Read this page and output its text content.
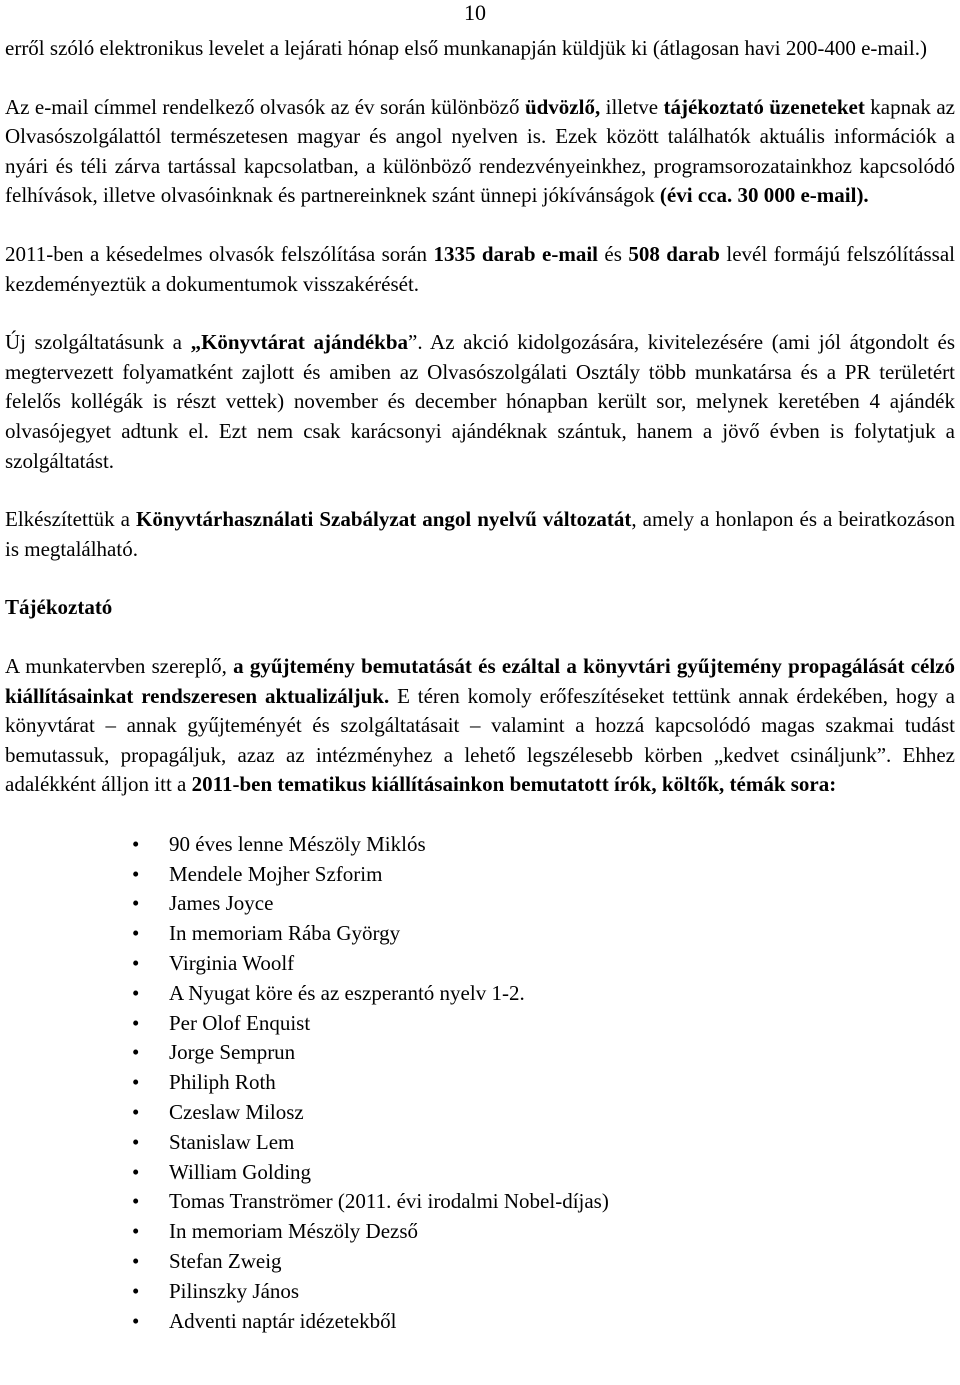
10

erről szóló elektronikus levelet a lejárati hónap első munkanapján küldjük ki (átlagosan havi 200-400 e-mail.)

Az e-mail címmel rendelkező olvasók az év során különböző üdvözlő, illetve tájékoztató üzeneteket kapnak az Olvasószolgálattól természetesen magyar és angol nyelven is. Ezek között találhatók aktuális információk a nyári és téli zárva tartással kapcsolatban, a különböző rendezvényeinkhez, programsorozatainkhoz kapcsolódó felhívások, illetve olvasóinknak és partnereinknek szánt ünnepi jókívánságok (évi cca. 30 000 e-mail).

2011-ben a késedelmes olvasók felszólítása során 1335 darab e-mail és 508 darab levél formájú felszólítással kezdeményeztük a dokumentumok visszakérését.

Új szolgáltatásunk a „Könyvtárat ajándékba”. Az akció kidolgozására, kivitelezésére (ami jól átgondolt és megtervezett folyamatként zajlott és amiben az Olvasószolgálati Osztály több munkatársa és a PR területért felelős kollégák is részt vettek) november és december hónapban került sor, melynek keretében 4 ajándék olvasójegyet adtunk el. Ezt nem csak karácsonyi ajándéknak szántuk, hanem a jövő évben is folytatjuk a szolgáltatást.

Elkészítettük a Könyvtárhasználati Szabályzat angol nyelvű változatát, amely a honlapon és a beiratkozáson is megtalálható.

Tájékoztató

A munkatervben szereplő, a gyűjtemény bemutatását és ezáltal a könyvtári gyűjtemény propagálását célzó kiállításainkat rendszeresen aktualizáljuk. E téren komoly erőfeszítéseket tettünk annak érdekében, hogy a könyvtárat – annak gyűjteményét és szolgáltatásait – valamint a hozzá kapcsolódó magas szakmai tudást bemutassuk, propagáljuk, azaz az intézményhez a lehető legszélesebb körben „kedvet csináljunk”. Ehhez adalékként álljon itt a 2011-ben tematikus kiállításainkon bemutatott írók, költők, témák sora:

• 90 éves lenne Mészöly Miklós
• Mendele Mojher Szforim
• James Joyce
• In memoriam Rába György
• Virginia Woolf
• A Nyugat köre és az eszperantó nyelv 1-2.
• Per Olof Enquist
• Jorge Semprun
• Philiph Roth
• Czeslaw Milosz
• Stanislaw Lem
• William Golding
• Tomas Tranströmer (2011. évi irodalmi Nobel-díjas)
• In memoriam Mészöly Dezső
• Stefan Zweig
• Pilinszky János
• Adventi naptár idézetekből
